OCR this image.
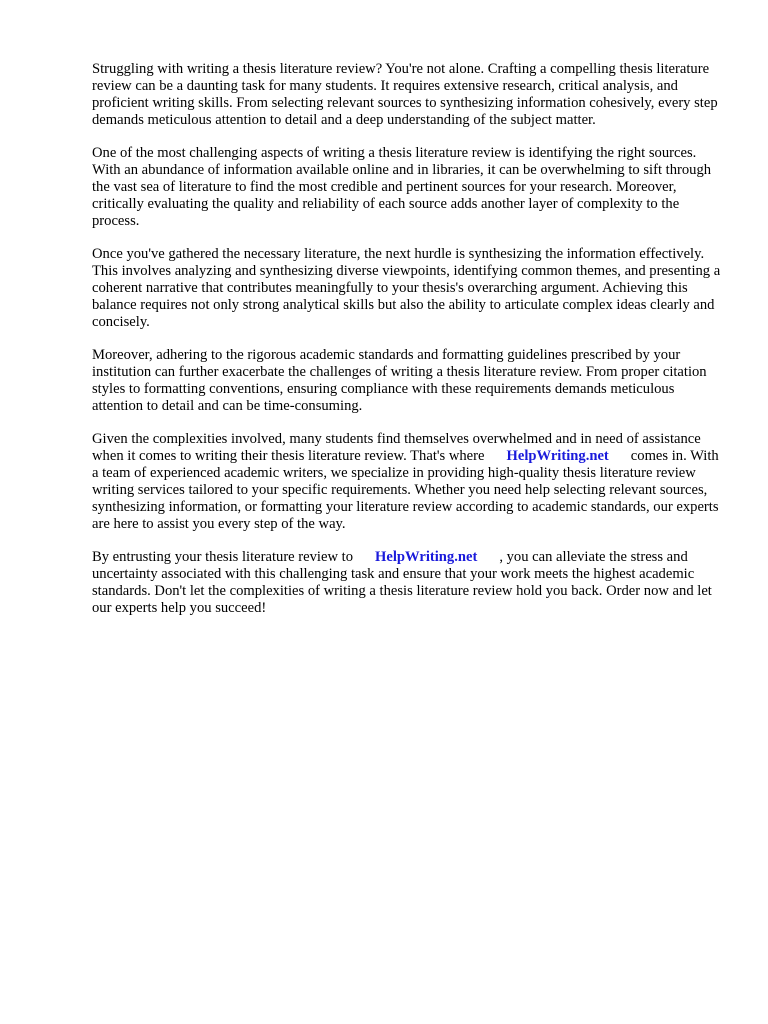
Struggling with writing a thesis literature review? You're not alone. Crafting a compelling thesis literature review can be a daunting task for many students. It requires extensive research, critical analysis, and proficient writing skills. From selecting relevant sources to synthesizing information cohesively, every step demands meticulous attention to detail and a deep understanding of the subject matter.

One of the most challenging aspects of writing a thesis literature review is identifying the right sources. With an abundance of information available online and in libraries, it can be overwhelming to sift through the vast sea of literature to find the most credible and pertinent sources for your research. Moreover, critically evaluating the quality and reliability of each source adds another layer of complexity to the process.

Once you've gathered the necessary literature, the next hurdle is synthesizing the information effectively. This involves analyzing and synthesizing diverse viewpoints, identifying common themes, and presenting a coherent narrative that contributes meaningfully to your thesis's overarching argument. Achieving this balance requires not only strong analytical skills but also the ability to articulate complex ideas clearly and concisely.

Moreover, adhering to the rigorous academic standards and formatting guidelines prescribed by your institution can further exacerbate the challenges of writing a thesis literature review. From proper citation styles to formatting conventions, ensuring compliance with these requirements demands meticulous attention to detail and can be time-consuming.

Given the complexities involved, many students find themselves overwhelmed and in need of assistance when it comes to writing their thesis literature review. That's where HelpWriting.net comes in. With a team of experienced academic writers, we specialize in providing high-quality thesis literature review writing services tailored to your specific requirements. Whether you need help selecting relevant sources, synthesizing information, or formatting your literature review according to academic standards, our experts are here to assist you every step of the way.

By entrusting your thesis literature review to HelpWriting.net , you can alleviate the stress and uncertainty associated with this challenging task and ensure that your work meets the highest academic standards. Don't let the complexities of writing a thesis literature review hold you back. Order now and let our experts help you succeed!
